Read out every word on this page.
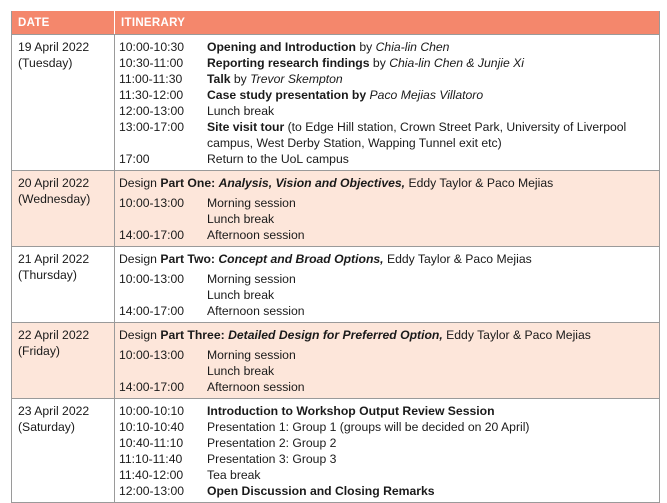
DATE	ITINERARY
19 April 2022
(Tuesday)
10:00-10:30	Opening and Introduction by Chia-lin Chen
10:30-11:00	Reporting research findings by Chia-lin Chen & Junjie Xi
11:00-11:30	Talk by Trevor Skempton
11:30-12:00	Case study presentation by Paco Mejias Villatoro
12:00-13:00	Lunch break
13:00-17:00	Site visit tour (to Edge Hill station, Crown Street Park, University of Liverpool campus, West Derby Station, Wapping Tunnel exit etc)
17:00	Return to the UoL campus
20 April 2022
(Wednesday)
Design Part One: Analysis, Vision and Objectives, Eddy Taylor & Paco Mejias
10:00-13:00	Morning session
Lunch break
14:00-17:00	Afternoon session
21 April 2022
(Thursday)
Design Part Two: Concept and Broad Options, Eddy Taylor & Paco Mejias
10:00-13:00	Morning session
Lunch break
14:00-17:00	Afternoon session
22 April 2022
(Friday)
Design Part Three: Detailed Design for Preferred Option, Eddy Taylor & Paco Mejias
10:00-13:00	Morning session
Lunch break
14:00-17:00	Afternoon session
23 April 2022
(Saturday)
10:00-10:10	Introduction to Workshop Output Review Session
10:10-10:40	Presentation 1: Group 1 (groups will be decided on 20 April)
10:40-11:10	Presentation 2: Group 2
11:10-11:40	Presentation 3: Group 3
11:40-12:00	Tea break
12:00-13:00	Open Discussion and Closing Remarks
